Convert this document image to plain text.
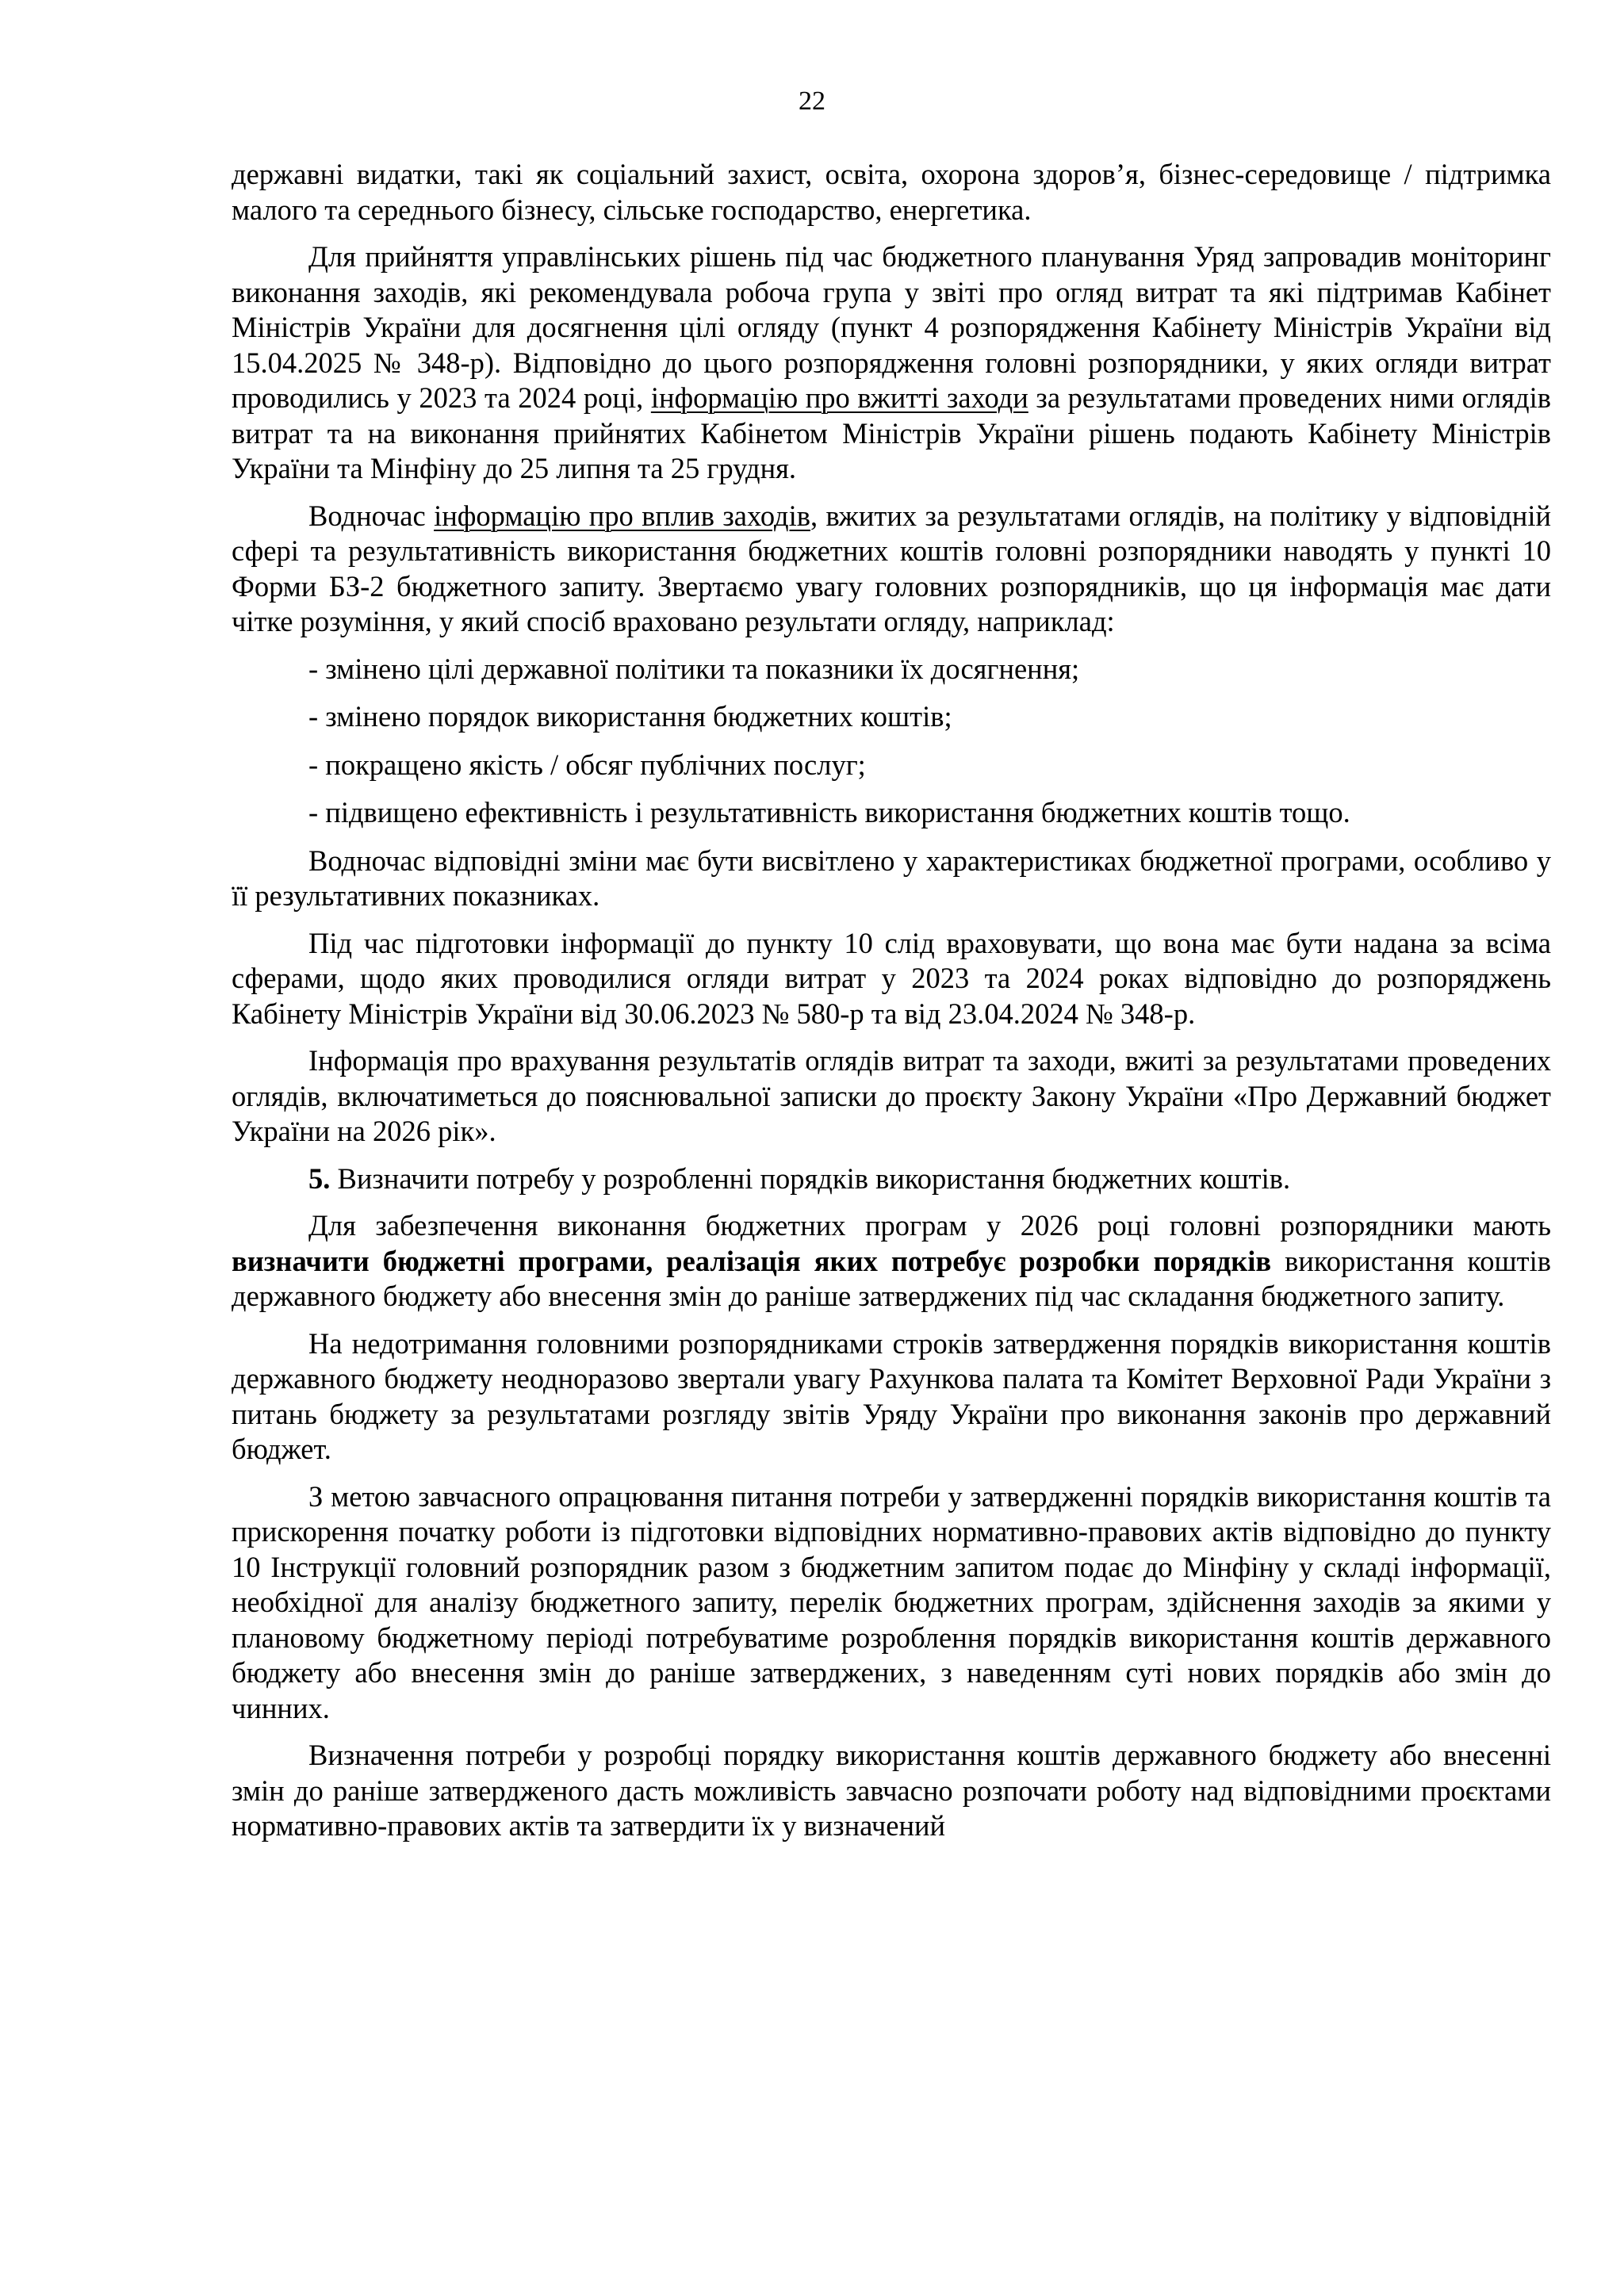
22

державні видатки, такі як соціальний захист, освіта, охорона здоров’я, бізнес-середовище / підтримка малого та середнього бізнесу, сільське господарство, енергетика.

Для прийняття управлінських рішень під час бюджетного планування Уряд запровадив моніторинг виконання заходів, які рекомендувала робоча група у звіті про огляд витрат та які підтримав Кабінет Міністрів України для досягнення цілі огляду (пункт 4 розпорядження Кабінету Міністрів України від 15.04.2025 № 348-р). Відповідно до цього розпорядження головні розпорядники, у яких огляди витрат проводились у 2023 та 2024 році, інформацію про вжитті заходи за результатами проведених ними оглядів витрат та на виконання прийнятих Кабінетом Міністрів України рішень подають Кабінету Міністрів України та Мінфіну до 25 липня та 25 грудня.

Водночас інформацію про вплив заходів, вжитих за результатами оглядів, на політику у відповідній сфері та результативність використання бюджетних коштів головні розпорядники наводять у пункті 10 Форми БЗ-2 бюджетного запиту. Звертаємо увагу головних розпорядників, що ця інформація має дати чітке розуміння, у який спосіб враховано результати огляду, наприклад:

- змінено цілі державної політики та показники їх досягнення;

- змінено порядок використання бюджетних коштів;

- покращено якість / обсяг публічних послуг;

- підвищено ефективність і результативність використання бюджетних коштів тощо.

Водночас відповідні зміни має бути висвітлено у характеристиках бюджетної програми, особливо у її результативних показниках.

Під час підготовки інформації до пункту 10 слід враховувати, що вона має бути надана за всіма сферами, щодо яких проводилися огляди витрат у 2023 та 2024 роках відповідно до розпоряджень Кабінету Міністрів України від 30.06.2023 № 580-р та від 23.04.2024 № 348-р.

Інформація про врахування результатів оглядів витрат та заходи, вжиті за результатами проведених оглядів, включатиметься до пояснювальної записки до проєкту Закону України «Про Державний бюджет України на 2026 рік».

5. Визначити потребу у розробленні порядків використання бюджетних коштів.

Для забезпечення виконання бюджетних програм у 2026 році головні розпорядники мають визначити бюджетні програми, реалізація яких потребує розробки порядків використання коштів державного бюджету або внесення змін до раніше затверджених під час складання бюджетного запиту.

На недотримання головними розпорядниками строків затвердження порядків використання коштів державного бюджету неодноразово звертали увагу Рахункова палата та Комітет Верховної Ради України з питань бюджету за результатами розгляду звітів Уряду України про виконання законів про державний бюджет.

З метою завчасного опрацювання питання потреби у затвердженні порядків використання коштів та прискорення початку роботи із підготовки відповідних нормативно-правових актів відповідно до пункту 10 Інструкції головний розпорядник разом з бюджетним запитом подає до Мінфіну у складі інформації, необхідної для аналізу бюджетного запиту, перелік бюджетних програм, здійснення заходів за якими у плановому бюджетному періоді потребуватиме розроблення порядків використання коштів державного бюджету або внесення змін до раніше затверджених, з наведенням суті нових порядків або змін до чинних.

Визначення потреби у розробці порядку використання коштів державного бюджету або внесенні змін до раніше затвердженого дасть можливість завчасно розпочати роботу над відповідними проєктами нормативно-правових актів та затвердити їх у визначений
